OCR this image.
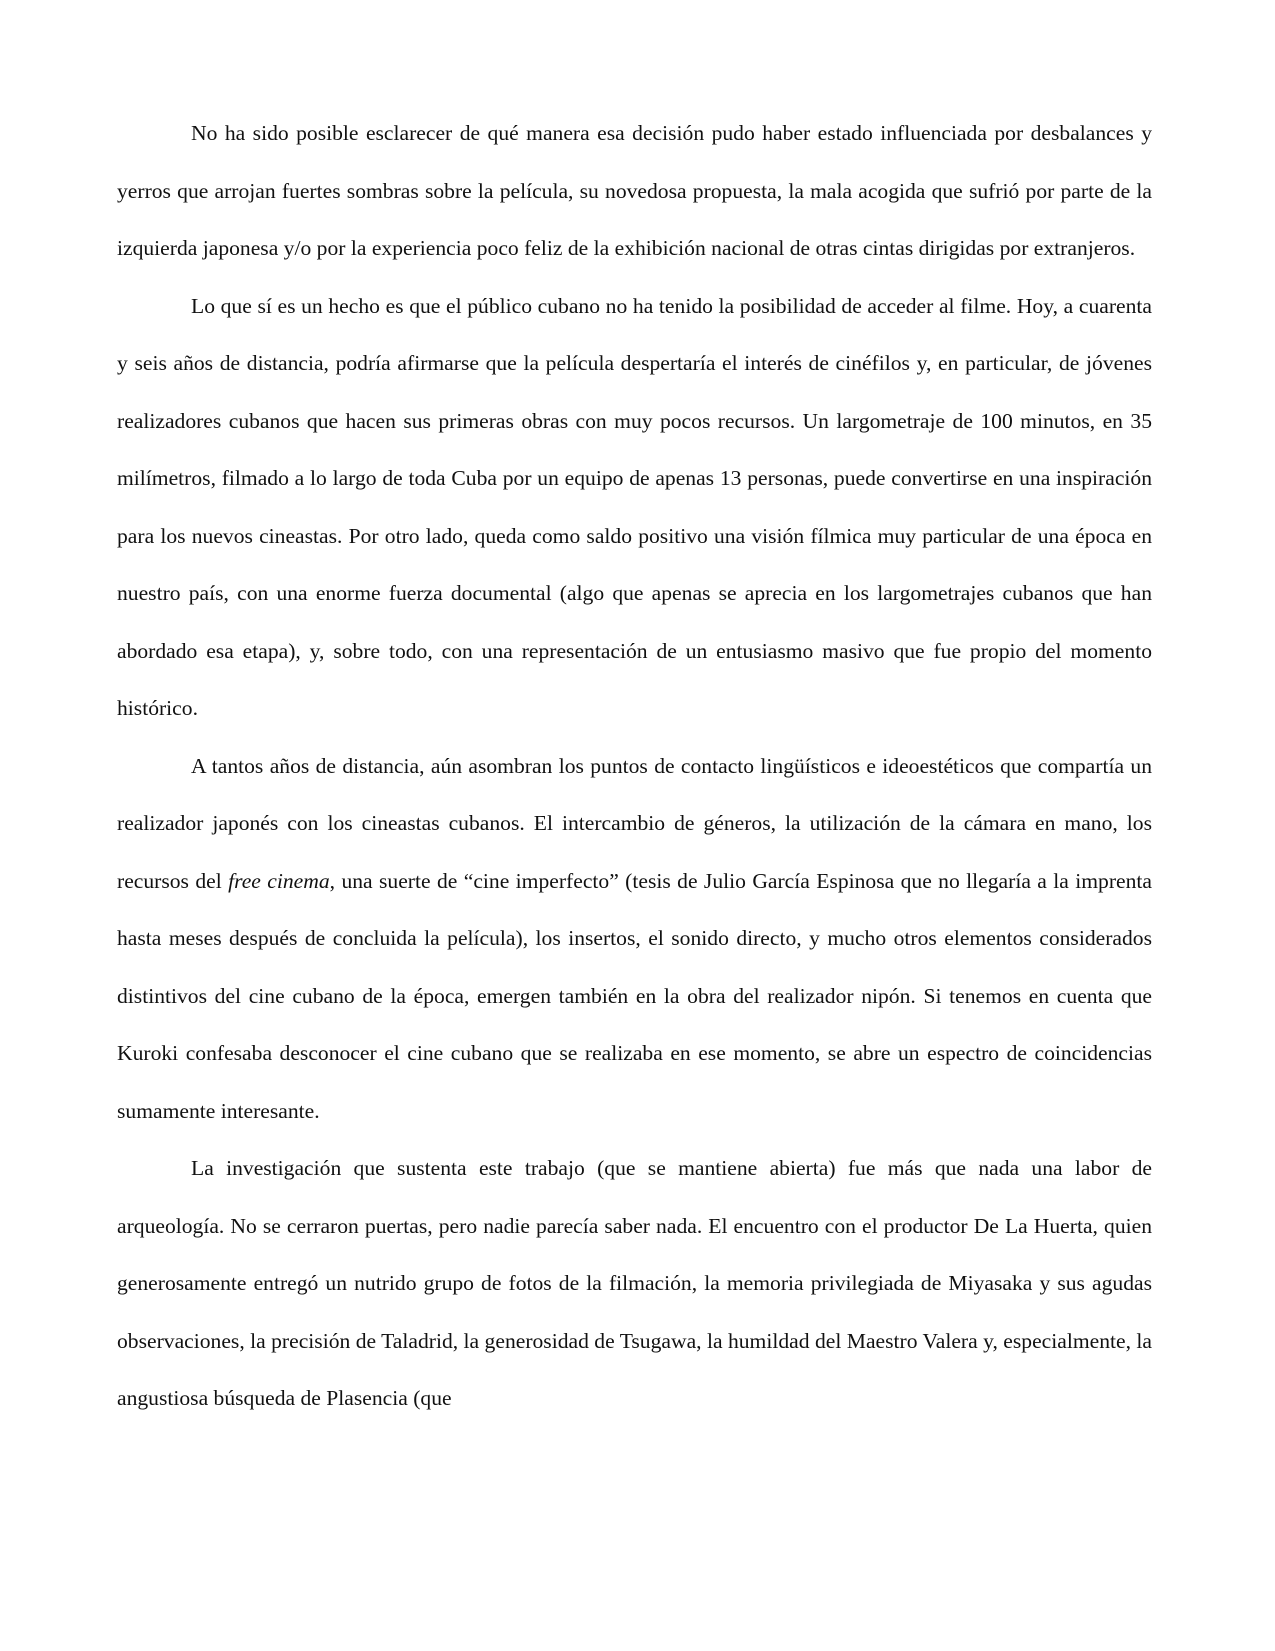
No ha sido posible esclarecer de qué manera esa decisión pudo haber estado influenciada por desbalances y yerros que arrojan fuertes sombras sobre la película, su novedosa propuesta, la mala acogida que sufrió por parte de la izquierda japonesa y/o por la experiencia poco feliz de la exhibición nacional de otras cintas dirigidas por extranjeros.

Lo que sí es un hecho es que el público cubano no ha tenido la posibilidad de acceder al filme. Hoy, a cuarenta y seis años de distancia, podría afirmarse que la película despertaría el interés de cinéfilos y, en particular, de jóvenes realizadores cubanos que hacen sus primeras obras con muy pocos recursos. Un largometraje de 100 minutos, en 35 milímetros, filmado a lo largo de toda Cuba por un equipo de apenas 13 personas, puede convertirse en una inspiración para los nuevos cineastas. Por otro lado, queda como saldo positivo una visión fílmica muy particular de una época en nuestro país, con una enorme fuerza documental (algo que apenas se aprecia en los largometrajes cubanos que han abordado esa etapa), y, sobre todo, con una representación de un entusiasmo masivo que fue propio del momento histórico.

A tantos años de distancia, aún asombran los puntos de contacto lingüísticos e ideoestéticos que compartía un realizador japonés con los cineastas cubanos. El intercambio de géneros, la utilización de la cámara en mano, los recursos del free cinema, una suerte de “cine imperfecto” (tesis de Julio García Espinosa que no llegaría a la imprenta hasta meses después de concluida la película), los insertos, el sonido directo, y mucho otros elementos considerados distintivos del cine cubano de la época, emergen también en la obra del realizador nipón. Si tenemos en cuenta que Kuroki confesaba desconocer el cine cubano que se realizaba en ese momento, se abre un espectro de coincidencias sumamente interesante.

La investigación que sustenta este trabajo (que se mantiene abierta) fue más que nada una labor de arqueología. No se cerraron puertas, pero nadie parecía saber nada. El encuentro con el productor De La Huerta, quien generosamente entregó un nutrido grupo de fotos de la filmación, la memoria privilegiada de Miyasaka y sus agudas observaciones, la precisión de Taladrid, la generosidad de Tsugawa, la humildad del Maestro Valera y, especialmente, la angustiosa búsqueda de Plasencia (que
